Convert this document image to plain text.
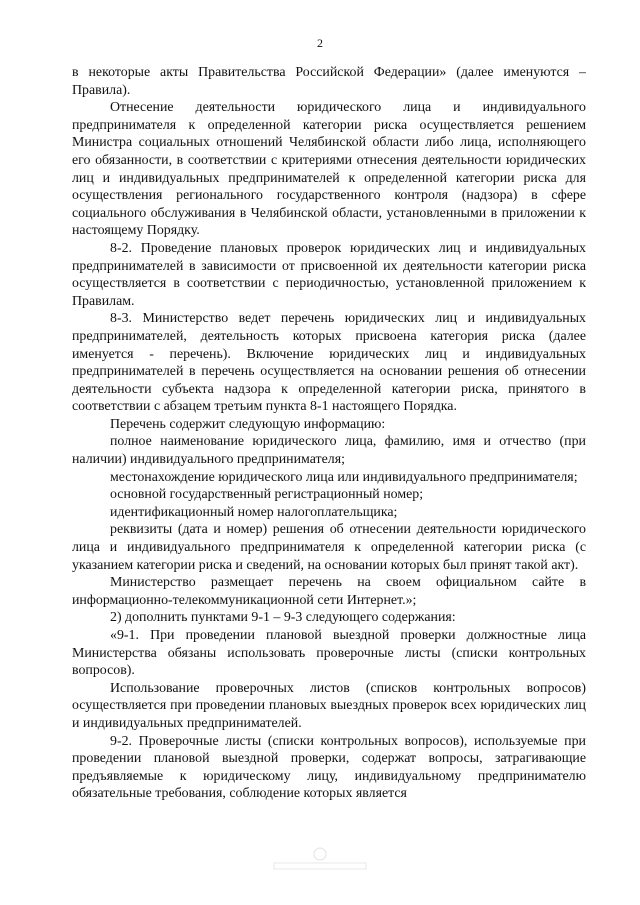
2

в некоторые акты Правительства Российской Федерации» (далее именуются – Правила).

Отнесение деятельности юридического лица и индивидуального предпринимателя к определенной категории риска осуществляется решением Министра социальных отношений Челябинской области либо лица, исполняющего его обязанности, в соответствии с критериями отнесения деятельности юридических лиц и индивидуальных предпринимателей к определенной категории риска для осуществления регионального государственного контроля (надзора) в сфере социального обслуживания в Челябинской области, установленными в приложении к настоящему Порядку.

8-2. Проведение плановых проверок юридических лиц и индивидуальных предпринимателей в зависимости от присвоенной их деятельности категории риска осуществляется в соответствии с периодичностью, установленной приложением к Правилам.

8-3. Министерство ведет перечень юридических лиц и индивидуальных предпринимателей, деятельность которых присвоена категория риска (далее именуется - перечень). Включение юридических лиц и индивидуальных предпринимателей в перечень осуществляется на основании решения об отнесении деятельности субъекта надзора к определенной категории риска, принятого в соответствии с абзацем третьим пункта 8-1 настоящего Порядка.

Перечень содержит следующую информацию:

полное наименование юридического лица, фамилию, имя и отчество (при наличии) индивидуального предпринимателя;

местонахождение юридического лица или индивидуального предпринимателя;

основной государственный регистрационный номер;

идентификационный номер налогоплательщика;

реквизиты (дата и номер) решения об отнесении деятельности юридического лица и индивидуального предпринимателя к определенной категории риска (с указанием категории риска и сведений, на основании которых был принят такой акт).

Министерство размещает перечень на своем официальном сайте в информационно-телекоммуникационной сети Интернет.»;

2) дополнить пунктами 9-1 – 9-3 следующего содержания:

«9-1. При проведении плановой выездной проверки должностные лица Министерства обязаны использовать проверочные листы (списки контрольных вопросов).

Использование проверочных листов (списков контрольных вопросов) осуществляется при проведении плановых выездных проверок всех юридических лиц и индивидуальных предпринимателей.

9-2. Проверочные листы (списки контрольных вопросов), используемые при проведении плановой выездной проверки, содержат вопросы, затрагивающие предъявляемые к юридическому лицу, индивидуальному предпринимателю обязательные требования, соблюдение которых является
